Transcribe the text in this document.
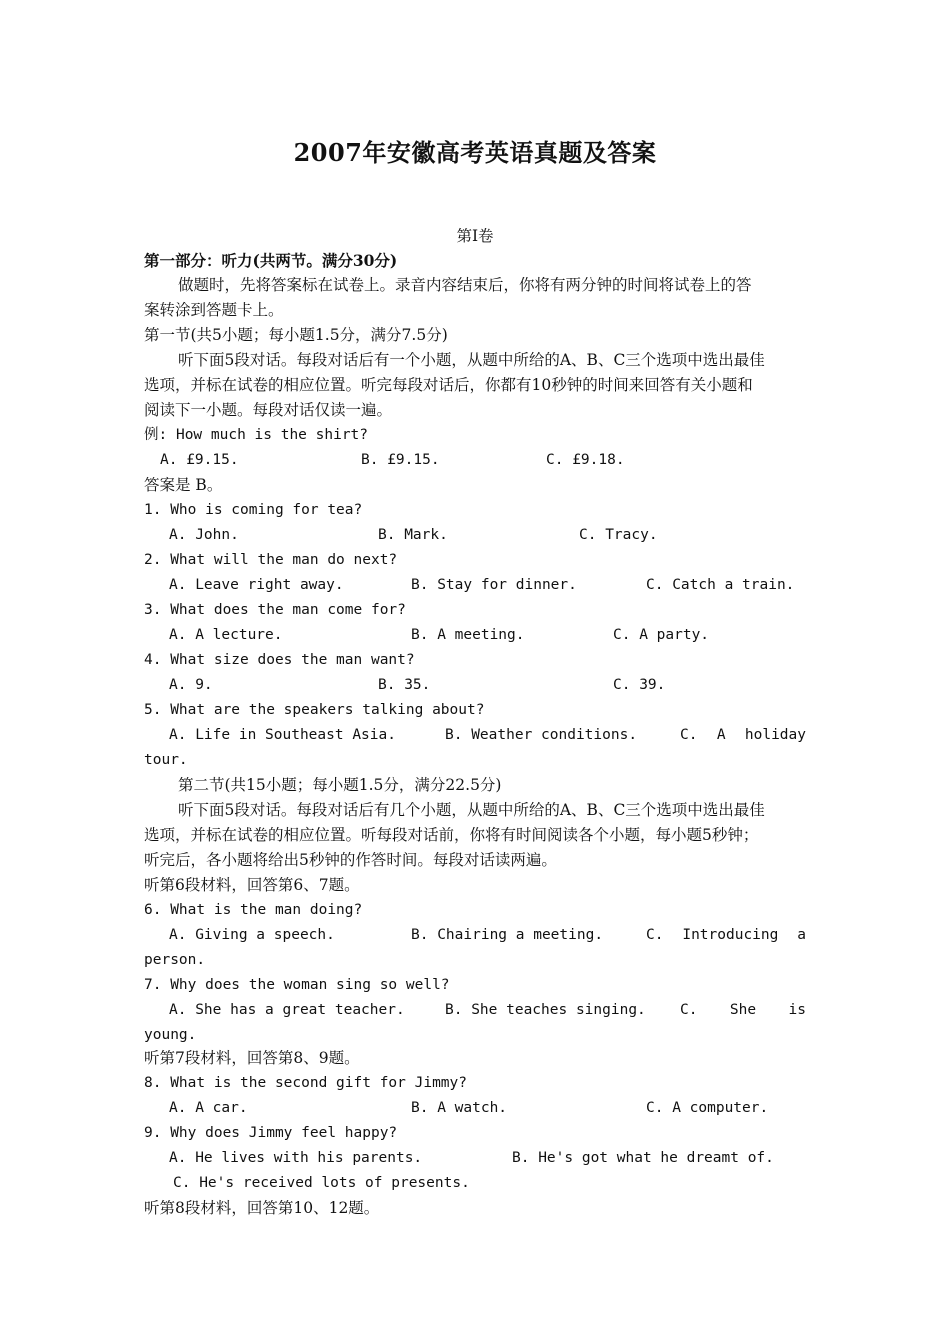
2007年安徽高考英语真题及答案
第Ⅰ卷
第一部分：听力(共两节。满分30分)
做题时，先将答案标在试卷上。录音内容结束后，你将有两分钟的时间将试卷上的答
案转涂到答题卡上。
第一节(共5小题；每小题1.5分，满分7.5分)
听下面5段对话。每段对话后有一个小题，从题中所给的A、B、C三个选项中选出最佳
选项，并标在试卷的相应位置。听完每段对话后，你都有10秒钟的时间来回答有关小题和
阅读下一小题。每段对话仅读一遍。
例: How much is the shirt?
A. £9.15.	B. £9.15.	C. £9.18.
答案是 B。
1. Who is coming for tea?
A. John.	B. Mark.	C. Tracy.
2. What will the man do next?
A. Leave right away.	B. Stay for dinner.	C. Catch a train.
3. What does the man come for?
A. A lecture.	B. A meeting.	C. A party.
4. What size does the man want?
A. 9.	B. 35.	C. 39.
5. What are the speakers talking about?
A. Life in Southeast Asia.	B. Weather conditions.	C. A holiday
tour.
第二节(共15小题；每小题1.5分，满分22.5分)
听下面5段对话。每段对话后有几个小题，从题中所给的A、B、C三个选项中选出最佳
选项，并标在试卷的相应位置。听每段对话前，你将有时间阅读各个小题，每小题5秒钟；
听完后，各小题将给出5秒钟的作答时间。每段对话读两遍。
听第6段材料，回答第6、7题。
6. What is the man doing?
A. Giving a speech.	B. Chairing a meeting.	C. Introducing a
person.
7. Why does the woman sing so well?
A. She has a great teacher.	B. She teaches singing. C. She is
young.
听第7段材料，回答第8、9题。
8. What is the second gift for Jimmy?
A. A car.	B. A watch.	C. A computer.
9. Why does Jimmy feel happy?
A. He lives with his parents.	B. He's got what he dreamt of.
C. He's received lots of presents.
听第8段材料，回答第10、12题。
